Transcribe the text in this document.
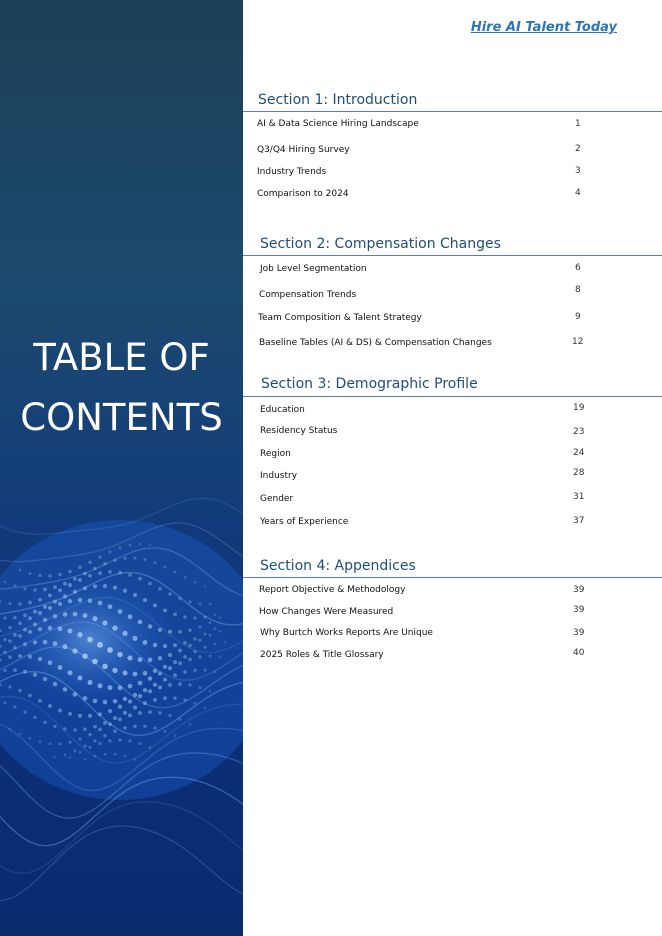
TABLE OF
CONTENTS
Hire AI Talent Today
Section 1: Introduction
AI & Data Science Hiring Landscape	1
Q3/Q4 Hiring Survey	2
Industry Trends	3
Comparison to 2024	4
Section 2: Compensation Changes
Job Level Segmentation	6
Compensation Trends	8
Team Composition & Talent Strategy	9
Baseline Tables (AI & DS) & Compensation Changes	12
Section 3: Demographic Profile
Education	19
Residency Status	23
Region	24
Industry	28
Gender	31
Years of Experience	37
Section 4: Appendices
Report Objective & Methodology	39
How Changes Were Measured	39
Why Burtch Works Reports Are Unique	39
2025 Roles & Title Glossary	40
